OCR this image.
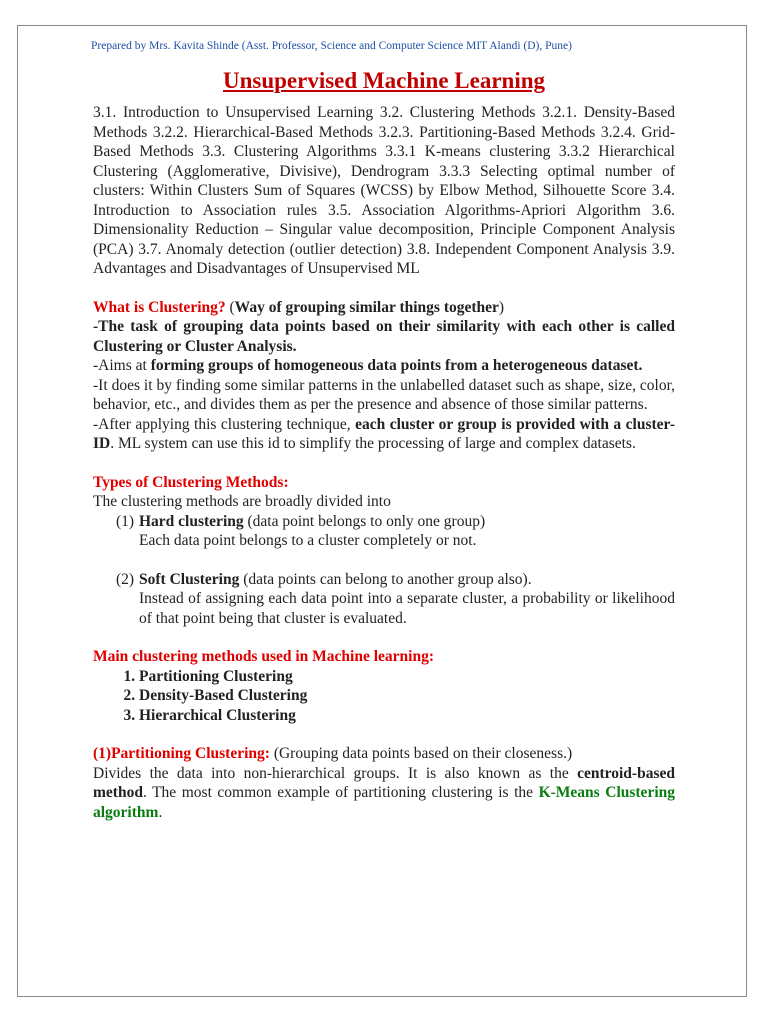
Prepared by Mrs. Kavita Shinde (Asst. Professor, Science and Computer Science MIT Alandi (D), Pune)
Unsupervised Machine Learning
3.1. Introduction to Unsupervised Learning 3.2. Clustering Methods 3.2.1. Density-Based Methods 3.2.2. Hierarchical-Based Methods 3.2.3. Partitioning-Based Methods 3.2.4. Grid-Based Methods 3.3. Clustering Algorithms 3.3.1 K-means clustering 3.3.2 Hierarchical Clustering (Agglomerative, Divisive), Dendrogram 3.3.3 Selecting optimal number of clusters: Within Clusters Sum of Squares (WCSS) by Elbow Method, Silhouette Score 3.4. Introduction to Association rules 3.5. Association Algorithms-Apriori Algorithm 3.6. Dimensionality Reduction – Singular value decomposition, Principle Component Analysis (PCA) 3.7. Anomaly detection (outlier detection) 3.8. Independent Component Analysis 3.9. Advantages and Disadvantages of Unsupervised ML
What is Clustering? (Way of grouping similar things together)
-The task of grouping data points based on their similarity with each other is called Clustering or Cluster Analysis.
-Aims at forming groups of homogeneous data points from a heterogeneous dataset.
-It does it by finding some similar patterns in the unlabelled dataset such as shape, size, color, behavior, etc., and divides them as per the presence and absence of those similar patterns.
-After applying this clustering technique, each cluster or group is provided with a cluster-ID. ML system can use this id to simplify the processing of large and complex datasets.
Types of Clustering Methods:
The clustering methods are broadly divided into
(1) Hard clustering (data point belongs to only one group)
Each data point belongs to a cluster completely or not.
(2) Soft Clustering (data points can belong to another group also).
Instead of assigning each data point into a separate cluster, a probability or likelihood of that point being that cluster is evaluated.
Main clustering methods used in Machine learning:
1. Partitioning Clustering
2. Density-Based Clustering
3. Hierarchical Clustering
(1)Partitioning Clustering: (Grouping data points based on their closeness.)
Divides the data into non-hierarchical groups. It is also known as the centroid-based method. The most common example of partitioning clustering is the K-Means Clustering algorithm.
